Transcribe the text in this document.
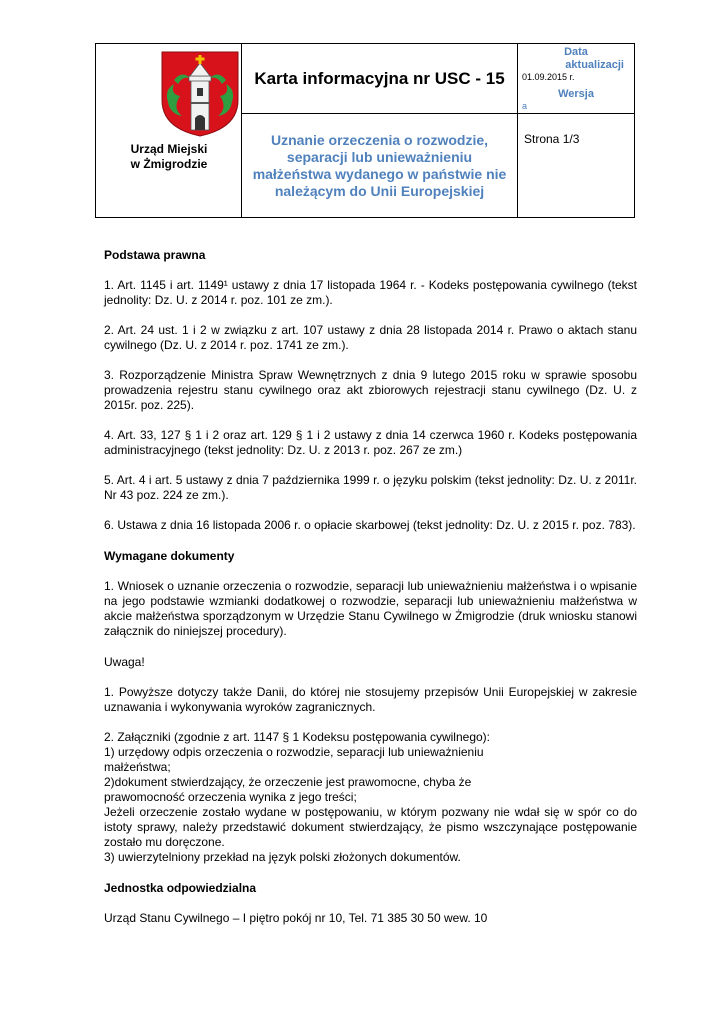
Urząd Miejski
w Żmigrodzie
Karta informacyjna nr USC - 15
Uznanie orzeczenia o rozwodzie, separacji lub unieważnieniu małżeństwa wydanego w państwie nie należącym do Unii Europejskiej
Data
aktualizacji
01.09.2015 r.
Wersja
a
Strona 1/3

Podstawa prawna

1. Art. 1145 i art. 1149¹ ustawy z dnia 17 listopada 1964 r. - Kodeks postępowania cywilnego (tekst jednolity: Dz. U. z 2014 r. poz. 101 ze zm.).

2. Art. 24 ust. 1 i 2 w związku z art. 107 ustawy z dnia 28 listopada 2014 r. Prawo o aktach stanu cywilnego (Dz. U. z 2014 r. poz. 1741 ze zm.).

3. Rozporządzenie Ministra Spraw Wewnętrznych z dnia 9 lutego 2015 roku w sprawie sposobu prowadzenia rejestru stanu cywilnego oraz akt zbiorowych rejestracji stanu cywilnego (Dz. U. z 2015r. poz. 225).

4. Art. 33, 127 § 1 i 2 oraz art. 129 § 1 i 2 ustawy z dnia 14 czerwca 1960 r. Kodeks postępowania administracyjnego (tekst jednolity: Dz. U. z 2013 r. poz. 267 ze zm.)

5. Art. 4 i art. 5 ustawy z dnia 7 października 1999 r. o języku polskim (tekst jednolity: Dz. U. z 2011r. Nr 43 poz. 224 ze zm.).

6. Ustawa z dnia 16 listopada 2006 r. o opłacie skarbowej (tekst jednolity: Dz. U. z 2015 r. poz. 783).

Wymagane dokumenty

1. Wniosek o uznanie orzeczenia o rozwodzie, separacji lub unieważnieniu małżeństwa i o wpisanie na jego podstawie wzmianki dodatkowej o rozwodzie, separacji lub unieważnieniu małżeństwa w akcie małżeństwa sporządzonym w Urzędzie Stanu Cywilnego w Żmigrodzie (druk wniosku stanowi załącznik do niniejszej procedury).

Uwaga!

1. Powyższe dotyczy także Danii, do której nie stosujemy przepisów Unii Europejskiej w zakresie uznawania i wykonywania wyroków zagranicznych.

2. Załączniki (zgodnie z art. 1147 § 1 Kodeksu postępowania cywilnego):

1) urzędowy odpis orzeczenia o rozwodzie, separacji lub unieważnieniu

małżeństwa;

2)dokument stwierdzający, że orzeczenie jest prawomocne, chyba że

prawomocność orzeczenia wynika z jego treści;

Jeżeli orzeczenie zostało wydane w postępowaniu, w którym pozwany nie wdał się w spór co do istoty sprawy, należy przedstawić dokument stwierdzający, że pismo wszczynające postępowanie zostało mu doręczone.

3) uwierzytelniony przekład na język polski złożonych dokumentów.

Jednostka odpowiedzialna

Urząd Stanu Cywilnego – I piętro pokój nr 10, Tel. 71 385 30 50 wew. 10
